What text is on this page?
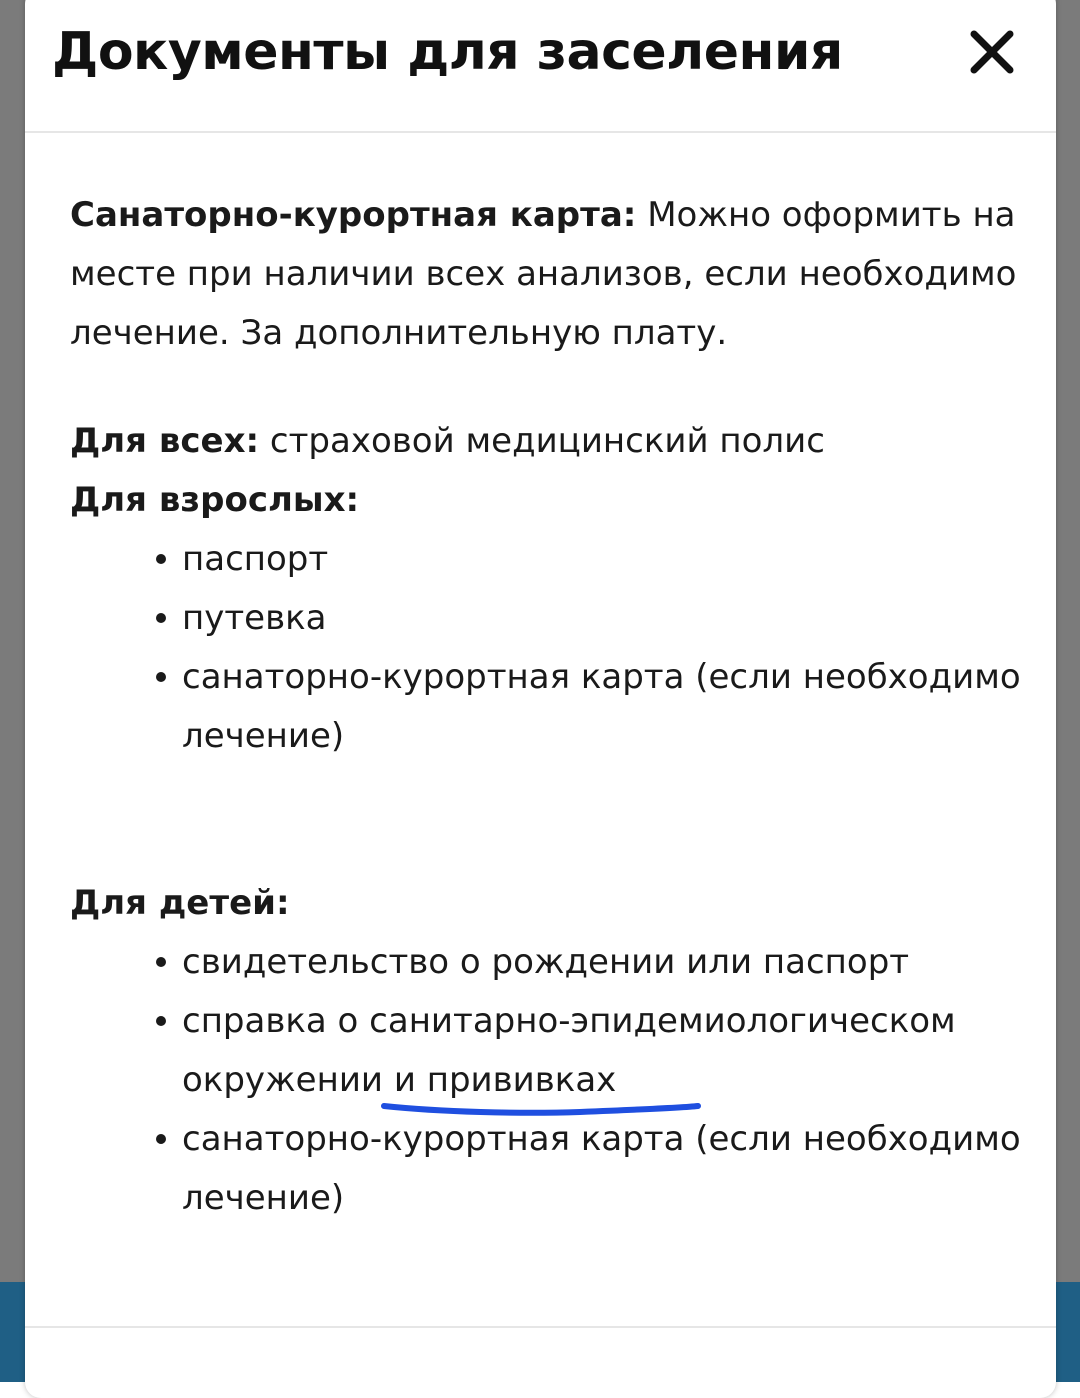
Документы для заселения

Санаторно-курортная карта: Можно оформить на месте при наличии всех анализов, если необходимо лечение. За дополнительную плату.

Для всех: страховой медицинский полис

Для взрослых:

паспорт
путевка
санаторно-курортная карта (если необходимо лечение)

Для детей:

свидетельство о рождении или паспорт
справка о санитарно-эпидемиологическом окружении и прививках
санаторно-курортная карта (если необходимо лечение)
